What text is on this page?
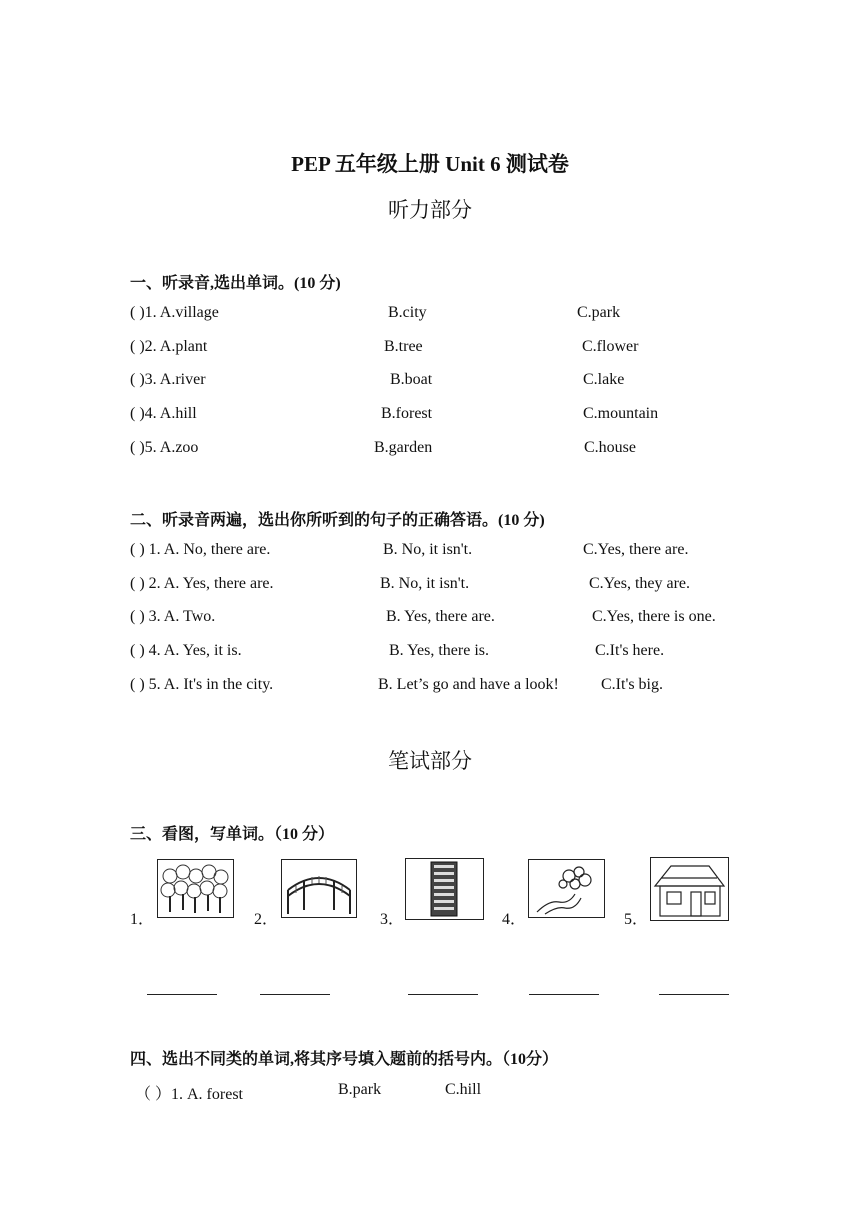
PEP 五年级上册 Unit 6 测试卷
听力部分
一、听录音,选出单词。(10 分)
( )1. A.village	B.city	C.park
( )2. A.plant	B.tree	C.flower
( )3. A.river	B.boat	C.lake
( )4. A.hill	B.forest	C.mountain
( )5. A.zoo	B.garden	C.house
二、听录音两遍，选出你所听到的句子的正确答语。(10 分)
( ) 1. A. No, there are.	B. No, it isn't.	C.Yes, there are.
( ) 2. A. Yes, there are.	B. No, it isn't.	C.Yes, they are.
( ) 3. A. Two.	B. Yes, there are.	C.Yes, there is one.
( ) 4. A. Yes, it is.	B. Yes, there is.	C.It's here.
( ) 5. A. It's in the city.	B. Let’s go and have a look!	C.It's big.
笔试部分
三、看图，写单词。（10 分）
1．	2．	3．	4．	5．
四、选出不同类的单词,将其序号填入题前的括号内。（10分）
（ ）1. A. forest	B.park	C.hill
